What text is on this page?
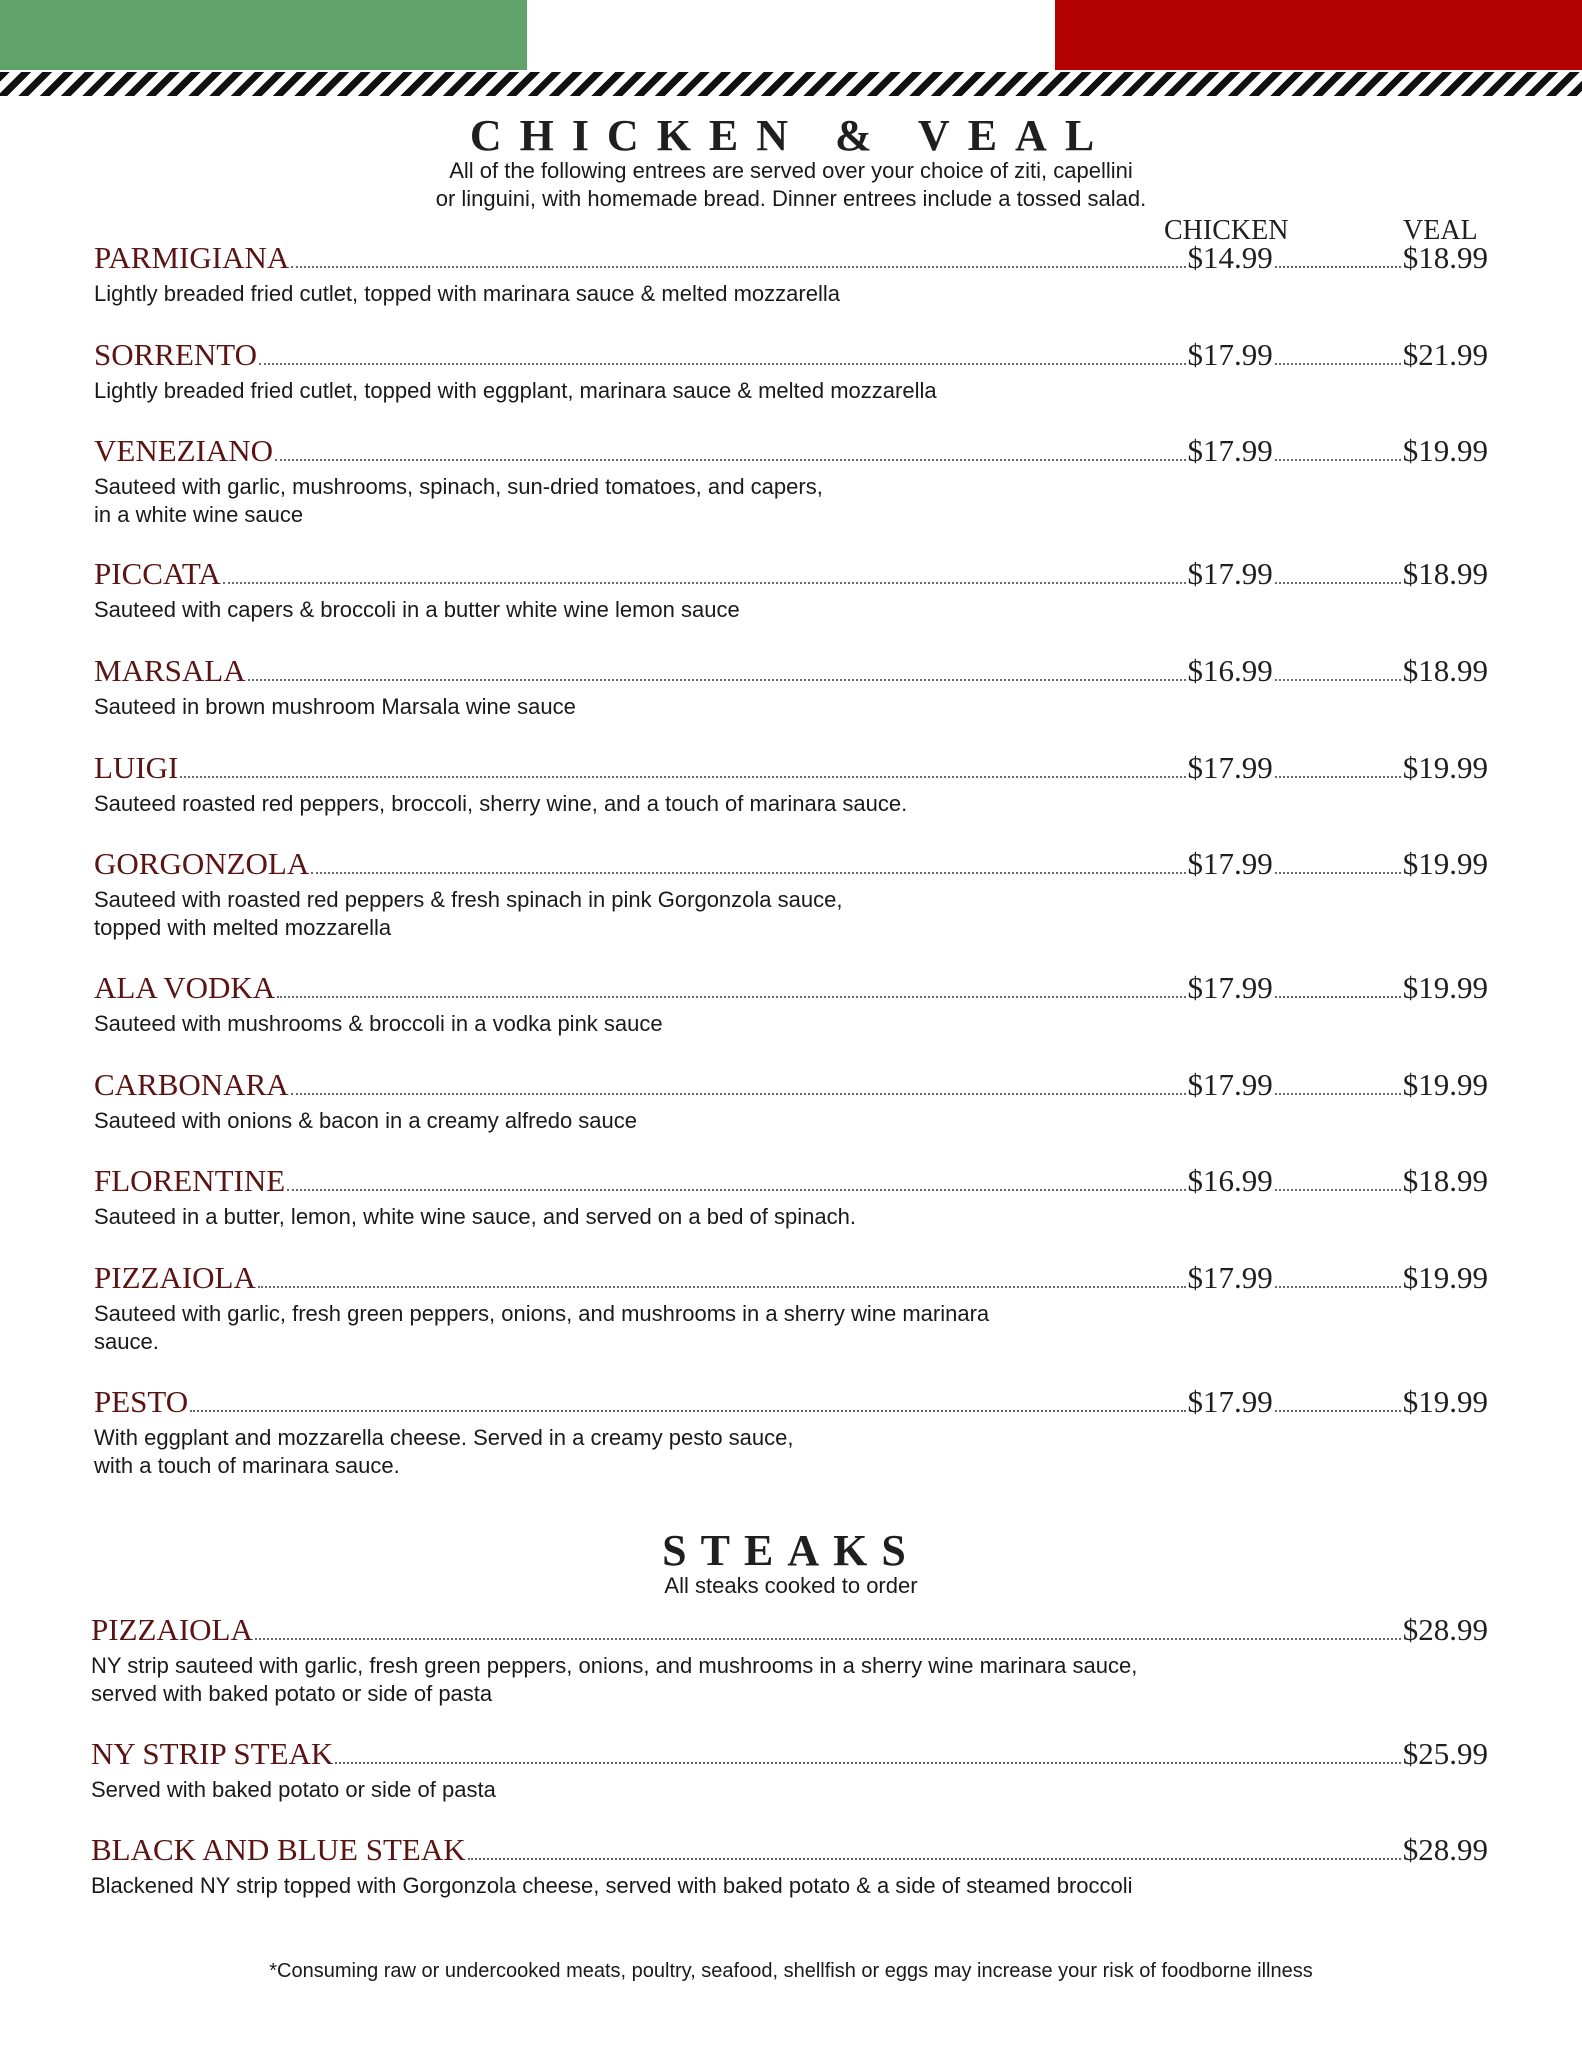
CHICKEN & VEAL
All of the following entrees are served over your choice of ziti, capellini
or linguini, with homemade bread. Dinner entrees include a tossed salad.
CHICKEN	VEAL
PARMIGIANA	$14.99	$18.99
Lightly breaded fried cutlet, topped with marinara sauce & melted mozzarella
SORRENTO	$17.99	$21.99
Lightly breaded fried cutlet, topped with eggplant, marinara sauce & melted mozzarella
VENEZIANO	$17.99	$19.99
Sauteed with garlic, mushrooms, spinach, sun-dried tomatoes, and capers,
in a white wine sauce
PICCATA	$17.99	$18.99
Sauteed with capers & broccoli in a butter white wine lemon sauce
MARSALA	$16.99	$18.99
Sauteed in brown mushroom Marsala wine sauce
LUIGI	$17.99	$19.99
Sauteed roasted red peppers, broccoli, sherry wine, and a touch of marinara sauce.
GORGONZOLA	$17.99	$19.99
Sauteed with roasted red peppers & fresh spinach in pink Gorgonzola sauce,
topped with melted mozzarella
ALA VODKA	$17.99	$19.99
Sauteed with mushrooms & broccoli in a vodka pink sauce
CARBONARA	$17.99	$19.99
Sauteed with onions & bacon in a creamy alfredo sauce
FLORENTINE	$16.99	$18.99
Sauteed in a butter, lemon, white wine sauce, and served on a bed of spinach.
PIZZAIOLA	$17.99	$19.99
Sauteed with garlic, fresh green peppers, onions, and mushrooms in a sherry wine marinara
sauce.
PESTO	$17.99	$19.99
With eggplant and mozzarella cheese. Served in a creamy pesto sauce,
with a touch of marinara sauce.
STEAKS
All steaks cooked to order
PIZZAIOLA	$28.99
NY strip sauteed with garlic, fresh green peppers, onions, and mushrooms in a sherry wine marinara sauce,
served with baked potato or side of pasta
NY STRIP STEAK	$25.99
Served with baked potato or side of pasta
BLACK AND BLUE STEAK	$28.99
Blackened NY strip topped with Gorgonzola cheese, served with baked potato & a side of steamed broccoli
*Consuming raw or undercooked meats, poultry, seafood, shellfish or eggs may increase your risk of foodborne illness
